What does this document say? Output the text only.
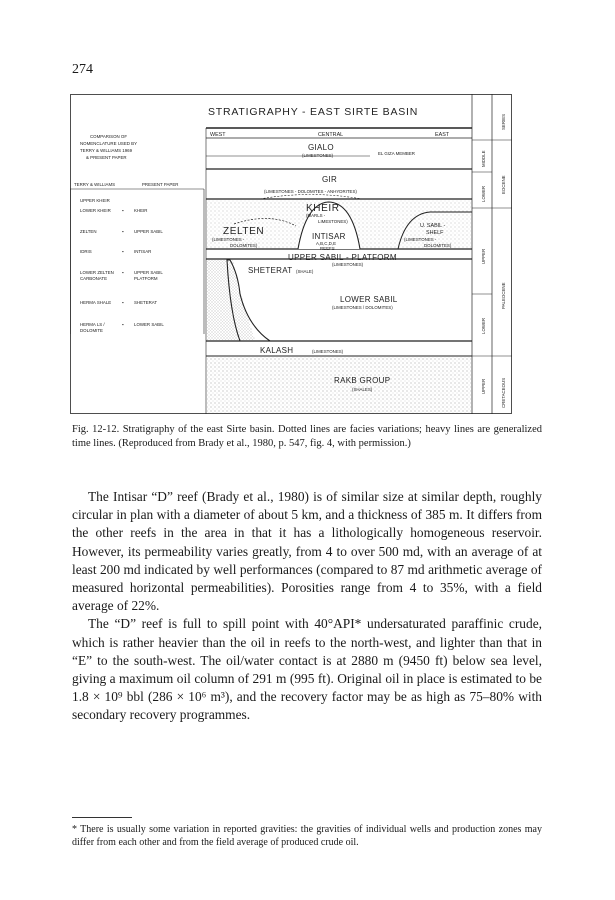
274
STRATIGRAPHY - EAST SIRTE BASIN
WEST	CENTRAL	EAST
COMPARISON OF
NOMENCLATURE USED BY
TERRY & WILLIAMS 1969
& PRESENT PAPER
TERRY & WILLIAMS	PRESENT PAPER
UPPER KHEIR
LOWER KHEIR	KHEIR
ZELTEN	UPPER SABIL
IDRIS	INTISAR
LOWER ZELTEN	UPPER SABIL
CARBONATE	PLATFORM
HERMA SHALE	SHETERAT
HERMA LS /	LOWER SABIL
DOLOMITE
▪
▪
▪
▪
▪
▪
GIALO
(LIMESTONES)	EL GIZA MEMBER
GIR
(LIMESTONES - DOLOMITES - ANHYDRITES)
KHEIR
(MARLS -
LIMESTONES)
ZELTEN
(LIMESTONES -
DOLOMITES)
INTISAR
A,B,C,D,E
REEFS
U. SABIL -
SHELF
(LIMESTONES -
DOLOMITES)
UPPER SABIL - PLATFORM
(LIMESTONES)
SHETERAT (SHALE)
LOWER SABIL
(LIMESTONES / DOLOMITES)
KALASH	(LIMESTONES)
RAKB GROUP
(SHALES)
SERIES
MIDDLE
LOWER
UPPER
LOWER
UPPER
EOCENE
PALEOCENE
CRETACEOUS
Fig. 12-12. Stratigraphy of the east Sirte basin. Dotted lines are facies variations; heavy lines are generalized time lines. (Reproduced from Brady et al., 1980, p. 547, fig. 4, with permission.)

The Intisar “D” reef (Brady et al., 1980) is of similar size at similar depth, roughly circular in plan with a diameter of about 5 km, and a thickness of 385 m. It differs from the other reefs in the area in that it has a lithologically homogeneous reservoir. However, its permeability varies greatly, from 4 to over 500 md, with an average of at least 200 md indicated by well performances (compared to 87 md arithmetic average of measured horizontal permeabilities). Porosities range from 4 to 35%, with a field average of 22%.

The “D” reef is full to spill point with 40°API* undersaturated paraffinic crude, which is rather heavier than the oil in reefs to the north-west, and lighter than that in “E” to the south-west. The oil/water contact is at 2880 m (9450 ft) below sea level, giving a maximum oil column of 291 m (995 ft). Original oil in place is estimated to be 1.8 × 10⁹ bbl (286 × 10⁶ m³), and the recovery factor may be as high as 75–80% with secondary recovery programmes.

* There is usually some variation in reported gravities: the gravities of individual wells and production zones may differ from each other and from the field average of produced crude oil.
